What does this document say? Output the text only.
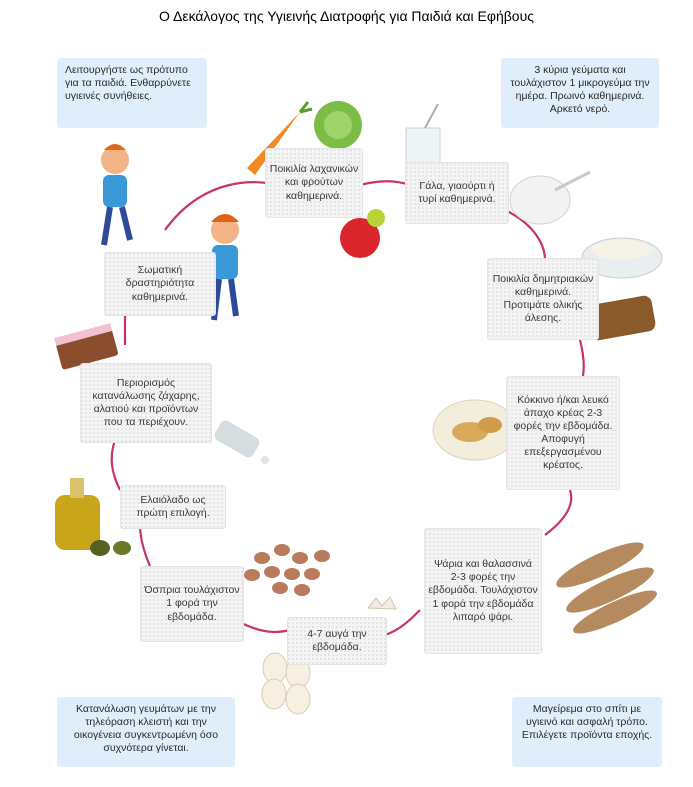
Ο Δεκάλογος της Υγιεινής Διατροφής για Παιδιά και Εφήβους
Λειτουργήστε ως πρότυπο για τα παιδιά. Ενθαρρύνετε υγιεινές συνήθειες.
3 κύρια γεύματα και τουλάχιστον 1 μικρογεύμα την ημέρα. Πρωινό καθημερινά. Αρκετό νερό.
Κατανάλωση γευμάτων με την τηλεόραση κλειστή και την οικογένεια συγκεντρωμένη όσο συχνότερα γίνεται.
Μαγείρεμα στο σπίτι με υγιεινό και ασφαλή τρόπο. Επιλέγετε προϊόντα εποχής.
Ποικιλία λαχανικών και φρούτων καθημερινά.
Γάλα, γιαούρτι ή τυρί καθημερινά.
Ποικιλία δημητριακών καθημερινά. Προτιμάτε ολικής άλεσης.
Κόκκινο ή/και λευκό άπαχο κρέας 2-3 φορές την εβδομάδα. Αποφυγή επεξεργασμένου κρέατος.
Ψάρια και θαλασσινά 2-3 φορές την εβδομάδα. Τουλάχιστον 1 φορά την εβδομάδα λιπαρό ψάρι.
4-7 αυγά την εβδομάδα.
Όσπρια τουλάχιστον 1 φορά την εβδομάδα.
Ελαιόλαδο ως πρώτη επιλογή.
Περιορισμός κατανάλωσης ζάχαρης, αλατιού και προϊόντων που τα περιέχουν.
Σωματική δραστηριότητα καθημερινά.
